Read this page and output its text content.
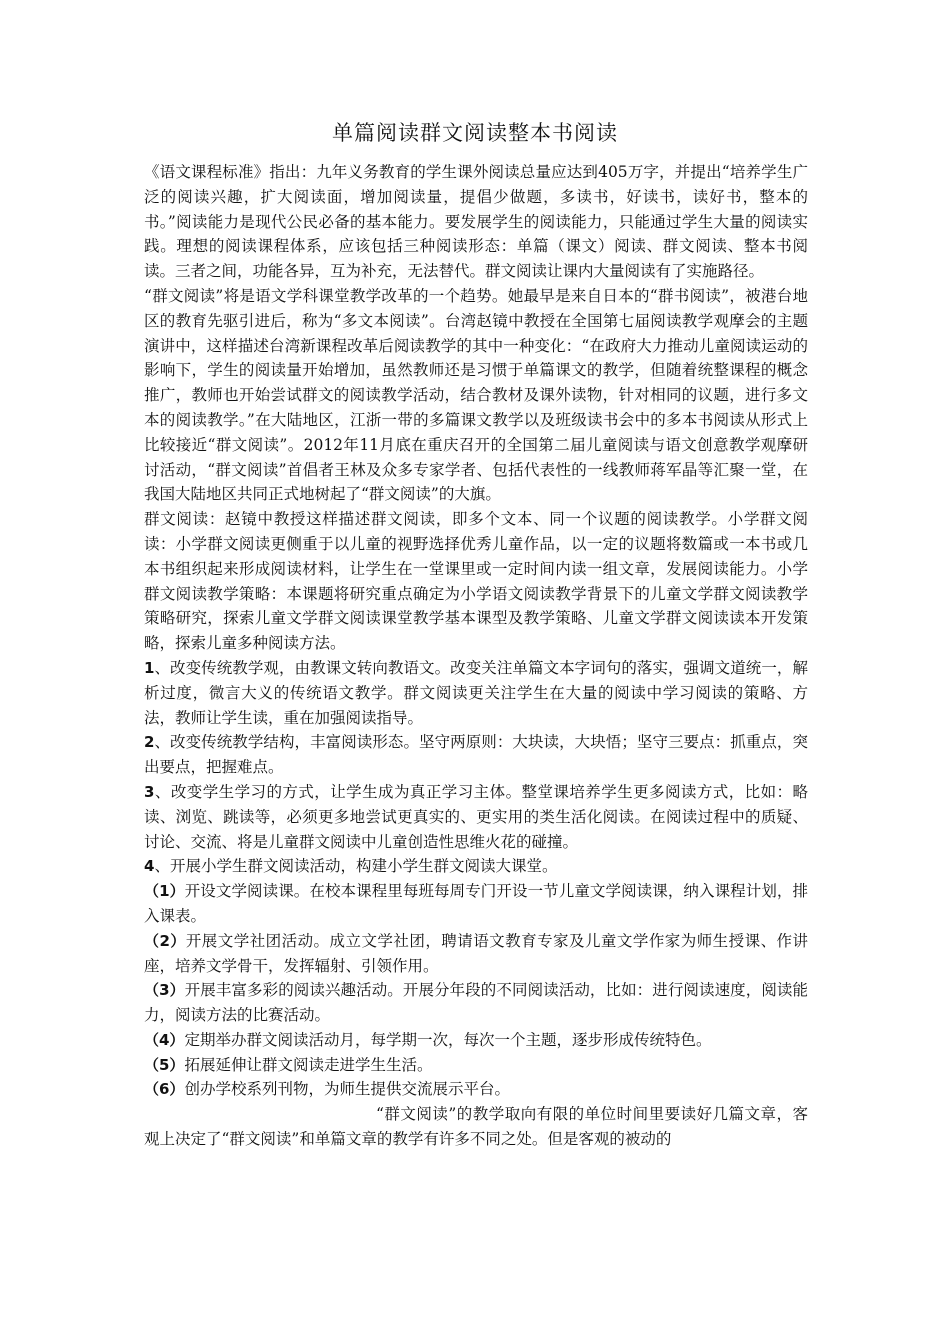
单篇阅读群文阅读整本书阅读

《语文课程标准》指出：九年义务教育的学生课外阅读总量应达到405万字，并提出“培养学生广泛的阅读兴趣，扩大阅读面，增加阅读量，提倡少做题，多读书，好读书，读好书，整本的书。”阅读能力是现代公民必备的基本能力。要发展学生的阅读能力，只能通过学生大量的阅读实践。理想的阅读课程体系，应该包括三种阅读形态：单篇（课文）阅读、群文阅读、整本书阅读。三者之间，功能各异，互为补充，无法替代。群文阅读让课内大量阅读有了实施路径。

“群文阅读”将是语文学科课堂教学改革的一个趋势。她最早是来自日本的“群书阅读”，被港台地区的教育先驱引进后，称为“多文本阅读”。台湾赵镜中教授在全国第七届阅读教学观摩会的主题演讲中，这样描述台湾新课程改革后阅读教学的其中一种变化：“在政府大力推动儿童阅读运动的影响下，学生的阅读量开始增加，虽然教师还是习惯于单篇课文的教学，但随着统整课程的概念推广，教师也开始尝试群文的阅读教学活动，结合教材及课外读物，针对相同的议题，进行多文本的阅读教学。”在大陆地区，江浙一带的多篇课文教学以及班级读书会中的多本书阅读从形式上比较接近“群文阅读”。2012年11月底在重庆召开的全国第二届儿童阅读与语文创意教学观摩研讨活动，“群文阅读”首倡者王林及众多专家学者、包括代表性的一线教师蒋军晶等汇聚一堂，在我国大陆地区共同正式地树起了“群文阅读”的大旗。

群文阅读：赵镜中教授这样描述群文阅读，即多个文本、同一个议题的阅读教学。小学群文阅读：小学群文阅读更侧重于以儿童的视野选择优秀儿童作品，以一定的议题将数篇或一本书或几本书组织起来形成阅读材料，让学生在一堂课里或一定时间内读一组文章，发展阅读能力。小学群文阅读教学策略：本课题将研究重点确定为小学语文阅读教学背景下的儿童文学群文阅读教学策略研究，探索儿童文学群文阅读课堂教学基本课型及教学策略、儿童文学群文阅读读本开发策略，探索儿童多种阅读方法。

1、改变传统教学观，由教课文转向教语文。改变关注单篇文本字词句的落实，强调文道统一，解析过度，微言大义的传统语文教学。群文阅读更关注学生在大量的阅读中学习阅读的策略、方法，教师让学生读，重在加强阅读指导。

2、改变传统教学结构，丰富阅读形态。坚守两原则：大块读，大块悟；坚守三要点：抓重点，突出要点，把握难点。

3、改变学生学习的方式，让学生成为真正学习主体。整堂课培养学生更多阅读方式，比如：略读、浏览、跳读等，必须更多地尝试更真实的、更实用的类生活化阅读。在阅读过程中的质疑、讨论、交流、将是儿童群文阅读中儿童创造性思维火花的碰撞。

4、开展小学生群文阅读活动，构建小学生群文阅读大课堂。

（1）开设文学阅读课。在校本课程里每班每周专门开设一节儿童文学阅读课，纳入课程计划，排入课表。

（2）开展文学社团活动。成立文学社团，聘请语文教育专家及儿童文学作家为师生授课、作讲座，培养文学骨干，发挥辐射、引领作用。

（3）开展丰富多彩的阅读兴趣活动。开展分年段的不同阅读活动，比如：进行阅读速度，阅读能力，阅读方法的比赛活动。

（4）定期举办群文阅读活动月，每学期一次，每次一个主题，逐步形成传统特色。

（5）拓展延伸让群文阅读走进学生生活。

（6）创办学校系列刊物，为师生提供交流展示平台。

“群文阅读”的教学取向有限的单位时间里要读好几篇文章，客观上决定了“群文阅读”和单篇文章的教学有许多不同之处。但是客观的被动的
